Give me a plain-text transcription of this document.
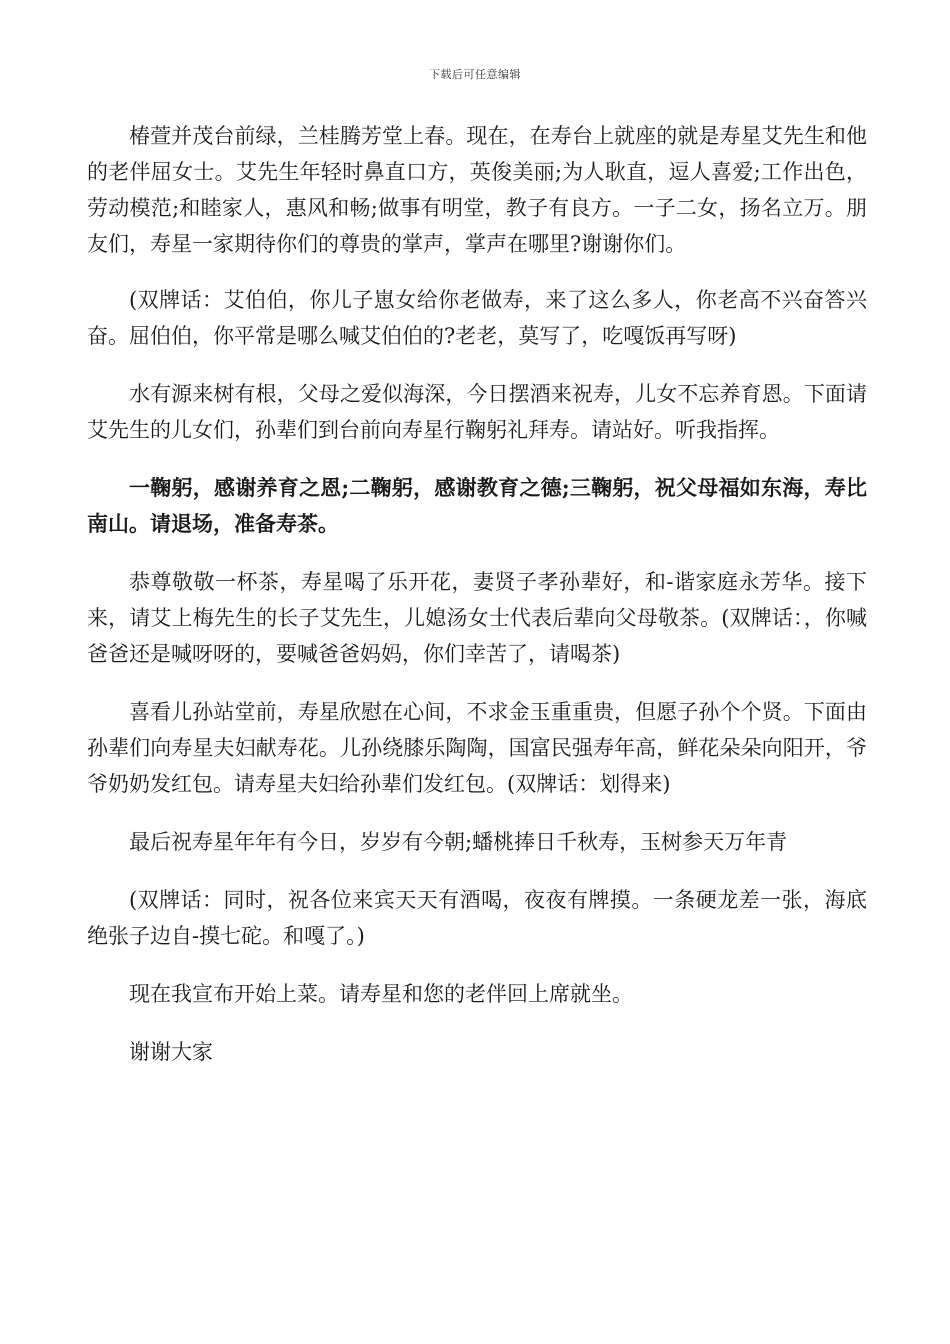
下载后可任意编辑

椿萱并茂台前绿，兰桂腾芳堂上春。现在，在寿台上就座的就是寿星艾先生和他的老伴屈女士。艾先生年轻时鼻直口方，英俊美丽;为人耿直，逗人喜爱;工作出色，劳动模范;和睦家人，惠风和畅;做事有明堂，教子有良方。一子二女，扬名立万。朋友们，寿星一家期待你们的尊贵的掌声，掌声在哪里?谢谢你们。

(双牌话：艾伯伯，你儿子崽女给你老做寿，来了这么多人，你老高不兴奋答兴奋。屈伯伯，你平常是哪么喊艾伯伯的?老老，莫写了，吃嘎饭再写呀)

水有源来树有根，父母之爱似海深，今日摆酒来祝寿，儿女不忘养育恩。下面请艾先生的儿女们，孙辈们到台前向寿星行鞠躬礼拜寿。请站好。听我指挥。

一鞠躬，感谢养育之恩;二鞠躬，感谢教育之德;三鞠躬，祝父母福如东海，寿比南山。请退场，准备寿茶。

恭尊敬敬一杯茶，寿星喝了乐开花，妻贤子孝孙辈好，和-谐家庭永芳华。接下来，请艾上梅先生的长子艾先生，儿媳汤女士代表后辈向父母敬茶。(双牌话：，你喊爸爸还是喊呀呀的，要喊爸爸妈妈，你们幸苦了，请喝茶)

喜看儿孙站堂前，寿星欣慰在心间，不求金玉重重贵，但愿子孙个个贤。下面由孙辈们向寿星夫妇献寿花。儿孙绕膝乐陶陶，国富民强寿年高，鲜花朵朵向阳开，爷爷奶奶发红包。请寿星夫妇给孙辈们发红包。(双牌话：划得来)

最后祝寿星年年有今日，岁岁有今朝;蟠桃捧日千秋寿，玉树参天万年青

(双牌话：同时，祝各位来宾天天有酒喝，夜夜有牌摸。一条硬龙差一张，海底绝张子边自-摸七砣。和嘎了。)

现在我宣布开始上菜。请寿星和您的老伴回上席就坐。

谢谢大家
